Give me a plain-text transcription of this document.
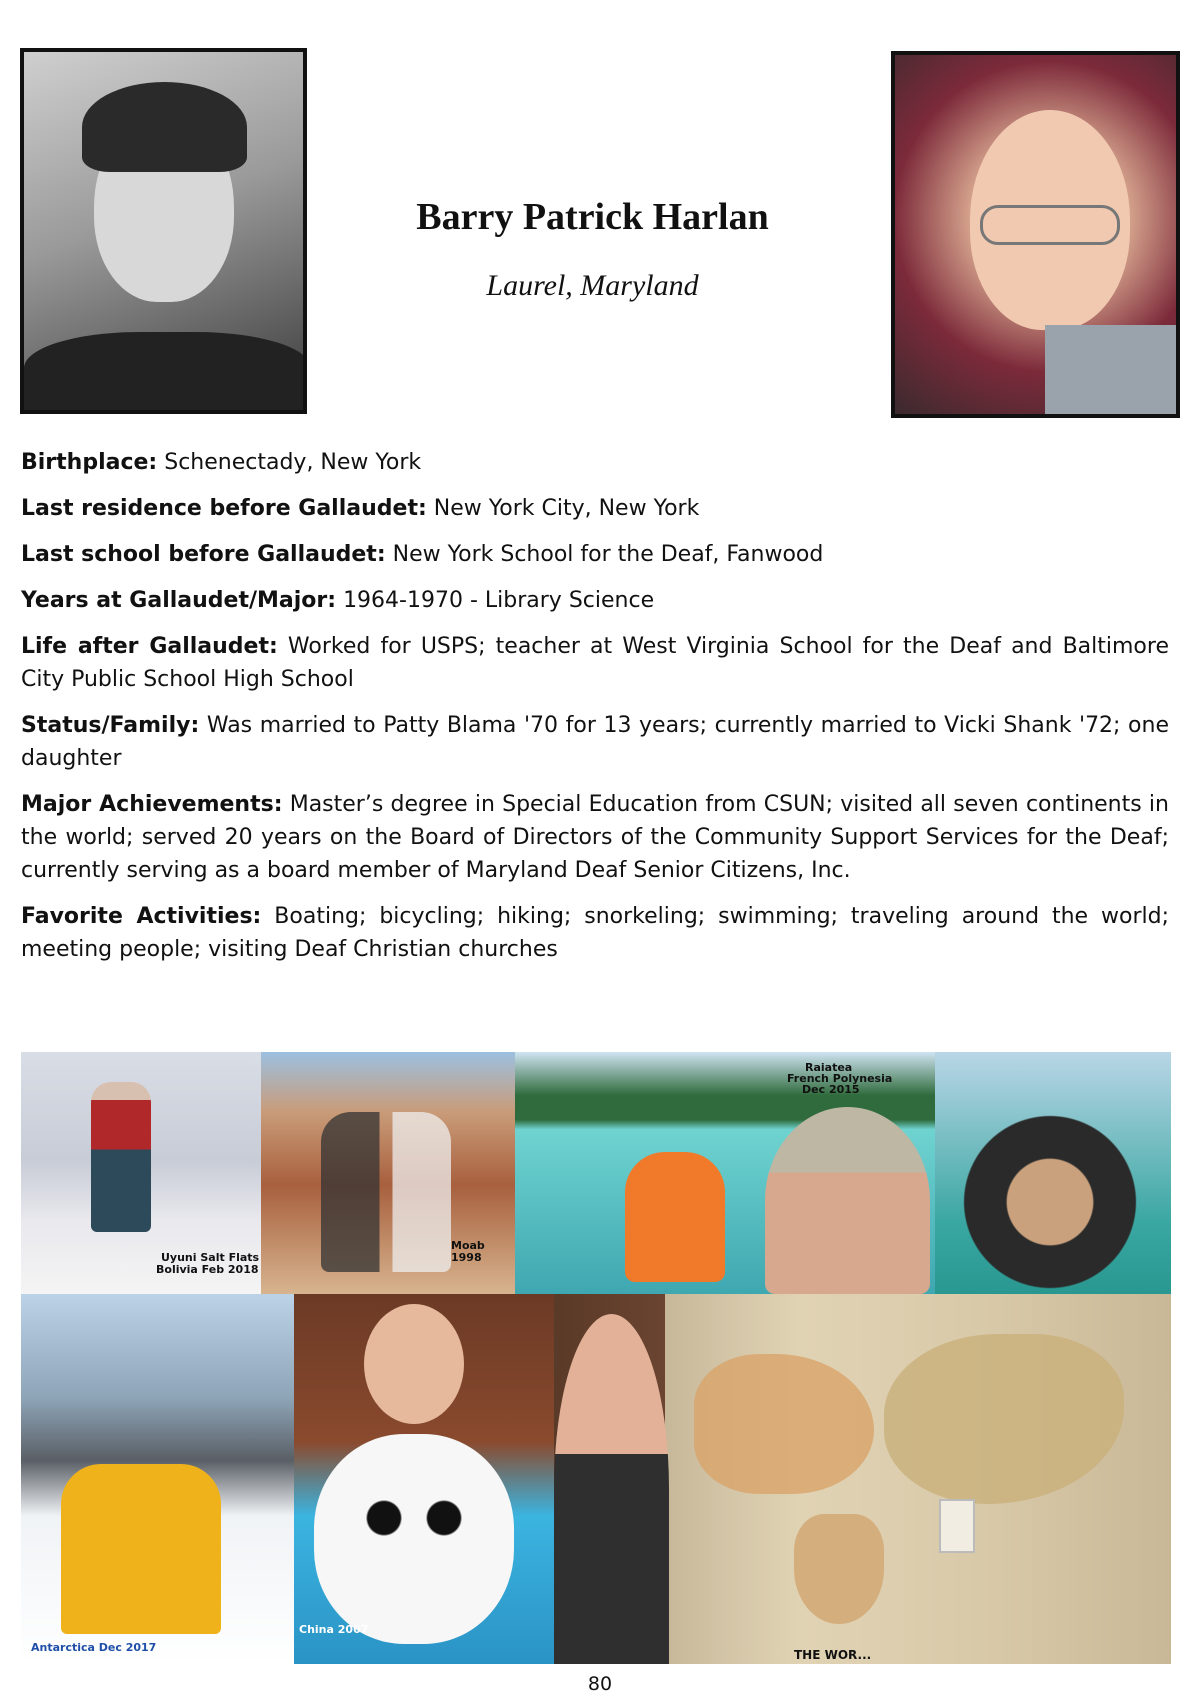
Barry Patrick Harlan

Laurel, Maryland

Birthplace: Schenectady, New York

Last residence before Gallaudet: New York City, New York

Last school before Gallaudet: New York School for the Deaf, Fanwood

Years at Gallaudet/Major: 1964-1970 - Library Science

Life after Gallaudet: Worked for USPS; teacher at West Virginia School for the Deaf and Baltimore City Public School High School

Status/Family: Was married to Patty Blama '70 for 13 years; currently married to Vicki Shank '72; one daughter

Major Achievements: Master’s degree in Special Education from CSUN; visited all seven continents in the world; served 20 years on the Board of Directors of the Community Support Services for the Deaf; currently serving as a board member of Maryland Deaf Senior Citizens, Inc.

Favorite Activities: Boating; bicycling; hiking; snorkeling; swimming; traveling around the world; meeting people; visiting Deaf Christian churches

Uyuni Salt Flats
Bolivia Feb 2018
Moab 1998
Raiatea
French Polynesia
Dec 2015
Antarctica Dec 2017
China 2007
THE WOR...
80
